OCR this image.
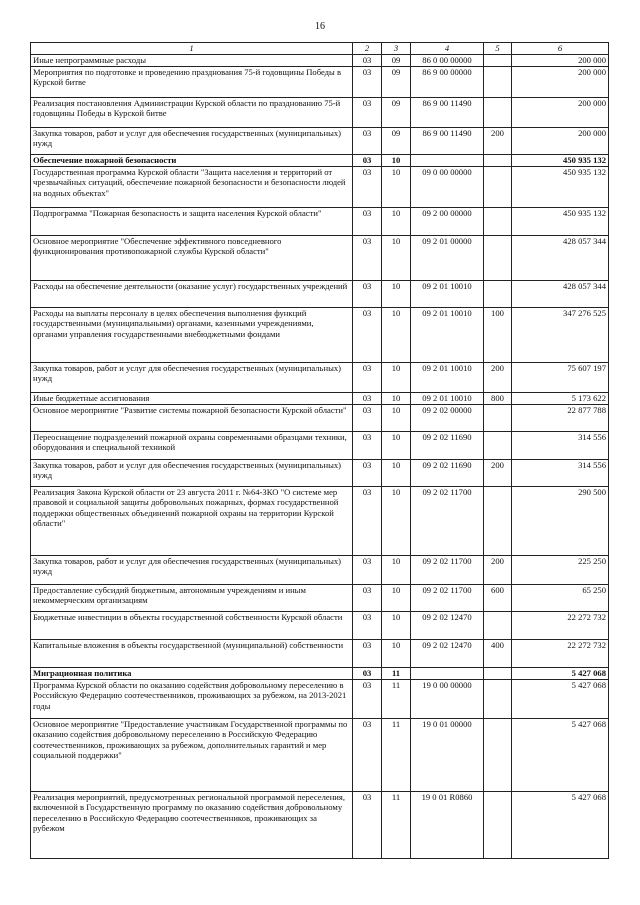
16
1	2	3	4	5	6
Иные непрограммные расходы	03	09	86 0 00 00000		200 000
Мероприятия по подготовке и проведению празднования 75-й годовщины Победы в Курской битве	03	09	86 9 00 00000		200 000
Реализация постановления Администрации Курской области по празднованию 75-й годовщины Победы в Курской битве	03	09	86 9 00 11490		200 000
Закупка товаров, работ и услуг для обеспечения государственных (муниципальных) нужд	03	09	86 9 00 11490	200	200 000
Обеспечение пожарной безопасности	03	10			450 935 132
Государственная программа Курской области "Защита населения и территорий от чрезвычайных ситуаций, обеспечение пожарной безопасности и безопасности людей на водных объектах"	03	10	09 0 00 00000		450 935 132
Подпрограмма "Пожарная безопасность и защита населения Курской области"	03	10	09 2 00 00000		450 935 132
Основное мероприятие "Обеспечение эффективного повседневного функционирования противопожарной службы Курской области"	03	10	09 2 01 00000		428 057 344
Расходы на обеспечение деятельности (оказание услуг) государственных учреждений	03	10	09 2 01 10010		428 057 344
Расходы на выплаты персоналу в целях обеспечения выполнения функций государственными (муниципальными) органами, казенными учреждениями, органами управления государственными внебюджетными фондами	03	10	09 2 01 10010	100	347 276 525
Закупка товаров, работ и услуг для обеспечения государственных (муниципальных) нужд	03	10	09 2 01 10010	200	75 607 197
Иные бюджетные ассигнования	03	10	09 2 01 10010	800	5 173 622
Основное мероприятие "Развитие системы пожарной безопасности Курской области"	03	10	09 2 02 00000		22 877 788
Переоснащение подразделений пожарной охраны современными образцами техники, оборудования и специальной техникой	03	10	09 2 02 11690		314 556
Закупка товаров, работ и услуг для обеспечения государственных (муниципальных) нужд	03	10	09 2 02 11690	200	314 556
Реализация Закона Курской области от 23 августа 2011 г. №64-ЗКО "О системе мер правовой и социальной защиты добровольных пожарных, формах государственной поддержки общественных объединений пожарной охраны на территории Курской области"	03	10	09 2 02 11700		290 500
Закупка товаров, работ и услуг для обеспечения государственных (муниципальных) нужд	03	10	09 2 02 11700	200	225 250
Предоставление субсидий бюджетным, автономным учреждениям и иным некоммерческим организациям	03	10	09 2 02 11700	600	65 250
Бюджетные инвестиции в объекты государственной собственности Курской области	03	10	09 2 02 12470		22 272 732
Капитальные вложения в объекты государственной (муниципальной) собственности	03	10	09 2 02 12470	400	22 272 732
Миграционная политика	03	11			5 427 068
Программа Курской области по оказанию содействия добровольному переселению в Российскую Федерацию соотечественников, проживающих за рубежом, на 2013-2021 годы	03	11	19 0 00 00000		5 427 068
Основное мероприятие "Предоставление участникам Государственной программы по оказанию содействия добровольному переселению в Российскую Федерацию соотечественников, проживающих за рубежом, дополнительных гарантий и мер социальной поддержки"	03	11	19 0 01 00000		5 427 068
Реализация мероприятий, предусмотренных региональной программой переселения, включенной в Государственную программу по оказанию содействия добровольному переселению в Российскую Федерацию соотечественников, проживающих за рубежом	03	11	19 0 01 R0860		5 427 068
